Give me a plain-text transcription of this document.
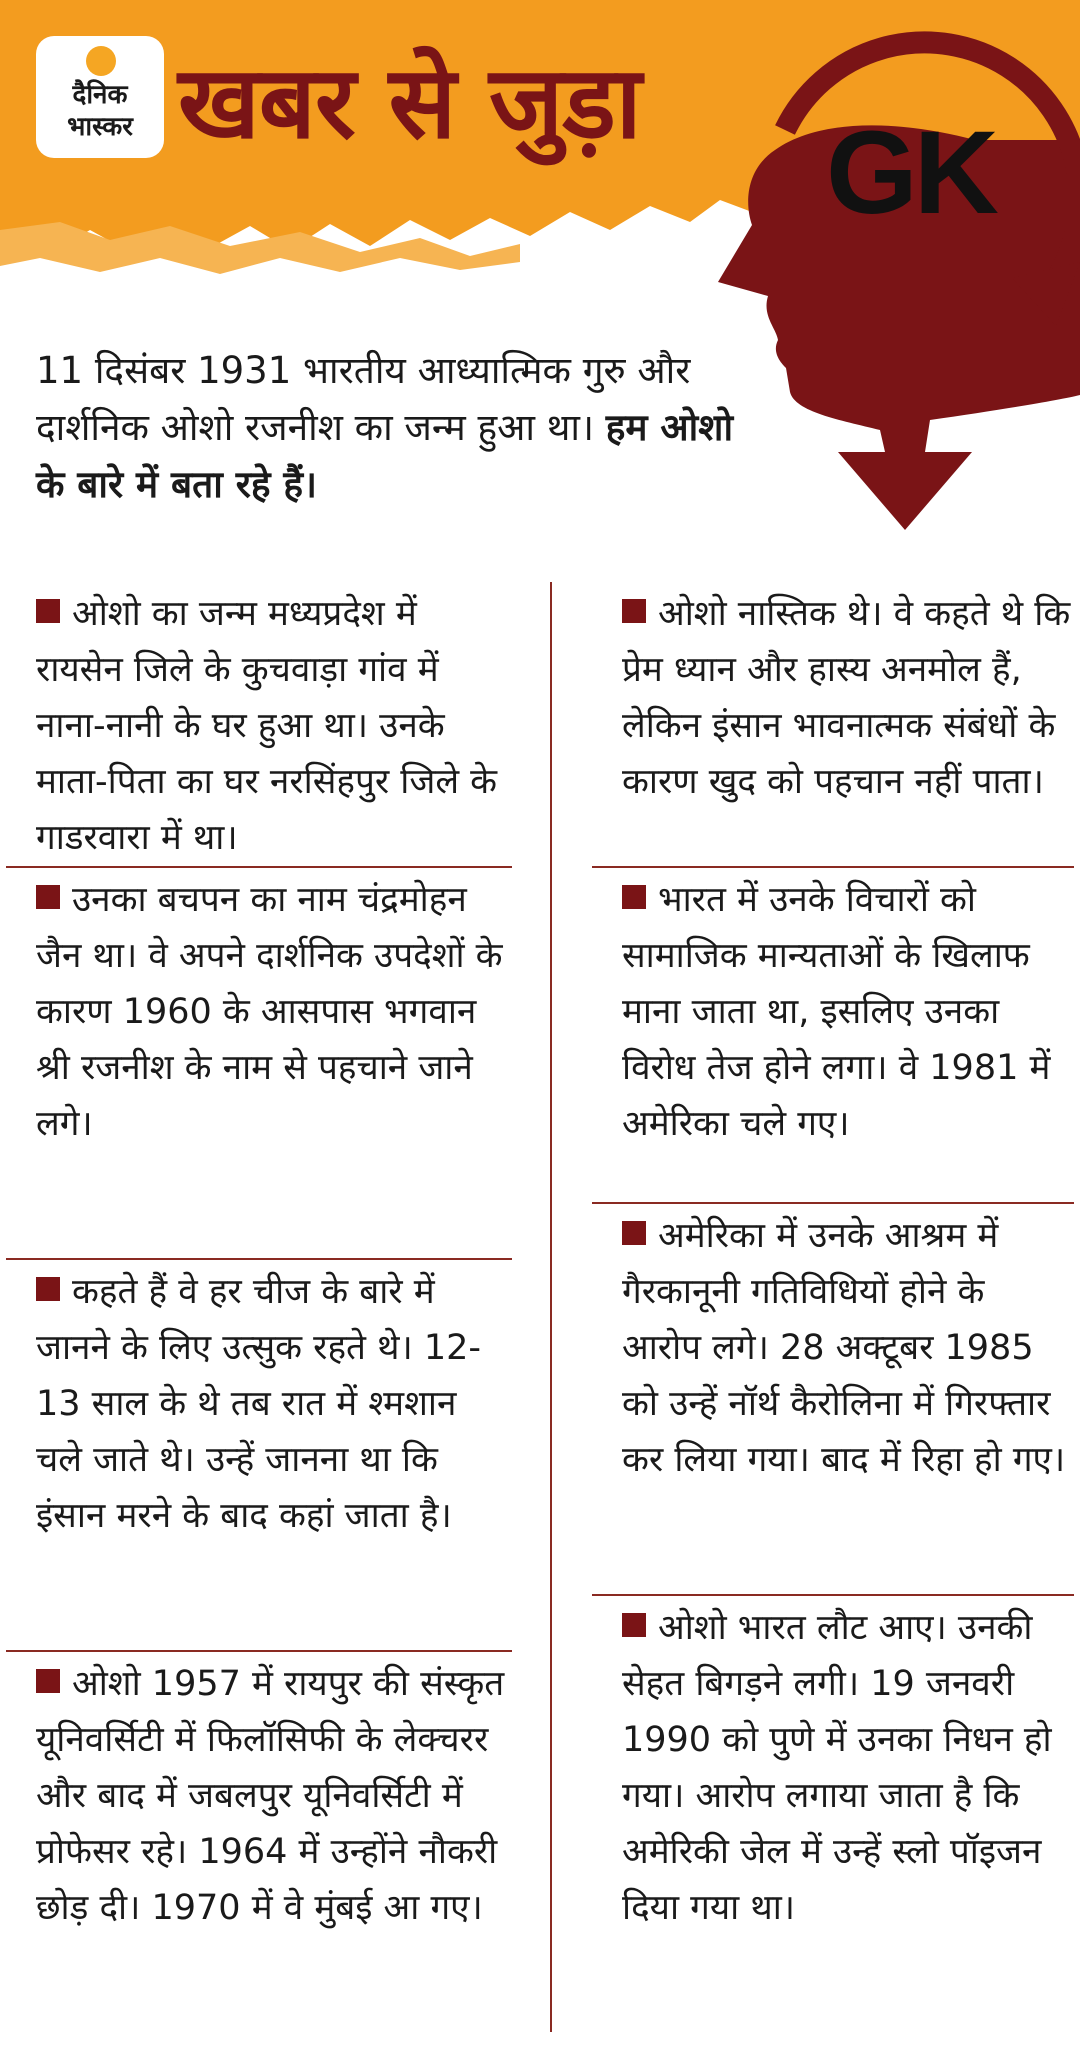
दैनिक
भास्कर खबर से जुड़ा
GK
11 दिसंबर 1931 भारतीय आध्यात्मिक गुरु और दार्शनिक ओशो रजनीश का जन्म हुआ था। हम ओशो के बारे में बता रहे हैं।
ओशो का जन्म मध्यप्रदेश में रायसेन जिले के कुचवाड़ा गांव में नाना-नानी के घर हुआ था। उनके माता-पिता का घर नरसिंहपुर जिले के गाडरवारा में था।
उनका बचपन का नाम चंद्रमोहन जैन था। वे अपने दार्शनिक उपदेशों के कारण 1960 के आसपास भगवान श्री रजनीश के नाम से पहचाने जाने लगे।
कहते हैं वे हर चीज के बारे में जानने के लिए उत्सुक रहते थे। 12-13 साल के थे तब रात में श्मशान चले जाते थे। उन्हें जानना था कि इंसान मरने के बाद कहां जाता है।
ओशो 1957 में रायपुर की संस्कृत यूनिवर्सिटी में फिलॉसिफी के लेक्चरर और बाद में जबलपुर यूनिवर्सिटी में प्रोफेसर रहे। 1964 में उन्होंने नौकरी छोड़ दी। 1970 में वे मुंबई आ गए।
ओशो नास्तिक थे। वे कहते थे कि प्रेम ध्यान और हास्य अनमोल हैं, लेकिन इंसान भावनात्मक संबंधों के कारण खुद को पहचान नहीं पाता।
भारत में उनके विचारों को सामाजिक मान्यताओं के खिलाफ माना जाता था, इसलिए उनका विरोध तेज होने लगा। वे 1981 में अमेरिका चले गए।
अमेरिका में उनके आश्रम में गैरकानूनी गतिविधियों होने के आरोप लगे। 28 अक्टूबर 1985 को उन्हें नॉर्थ कैरोलिना में गिरफ्तार कर लिया गया। बाद में रिहा हो गए।
ओशो भारत लौट आए। उनकी सेहत बिगड़ने लगी। 19 जनवरी 1990 को पुणे में उनका निधन हो गया। आरोप लगाया जाता है कि अमेरिकी जेल में उन्हें स्लो पॉइजन दिया गया था।
